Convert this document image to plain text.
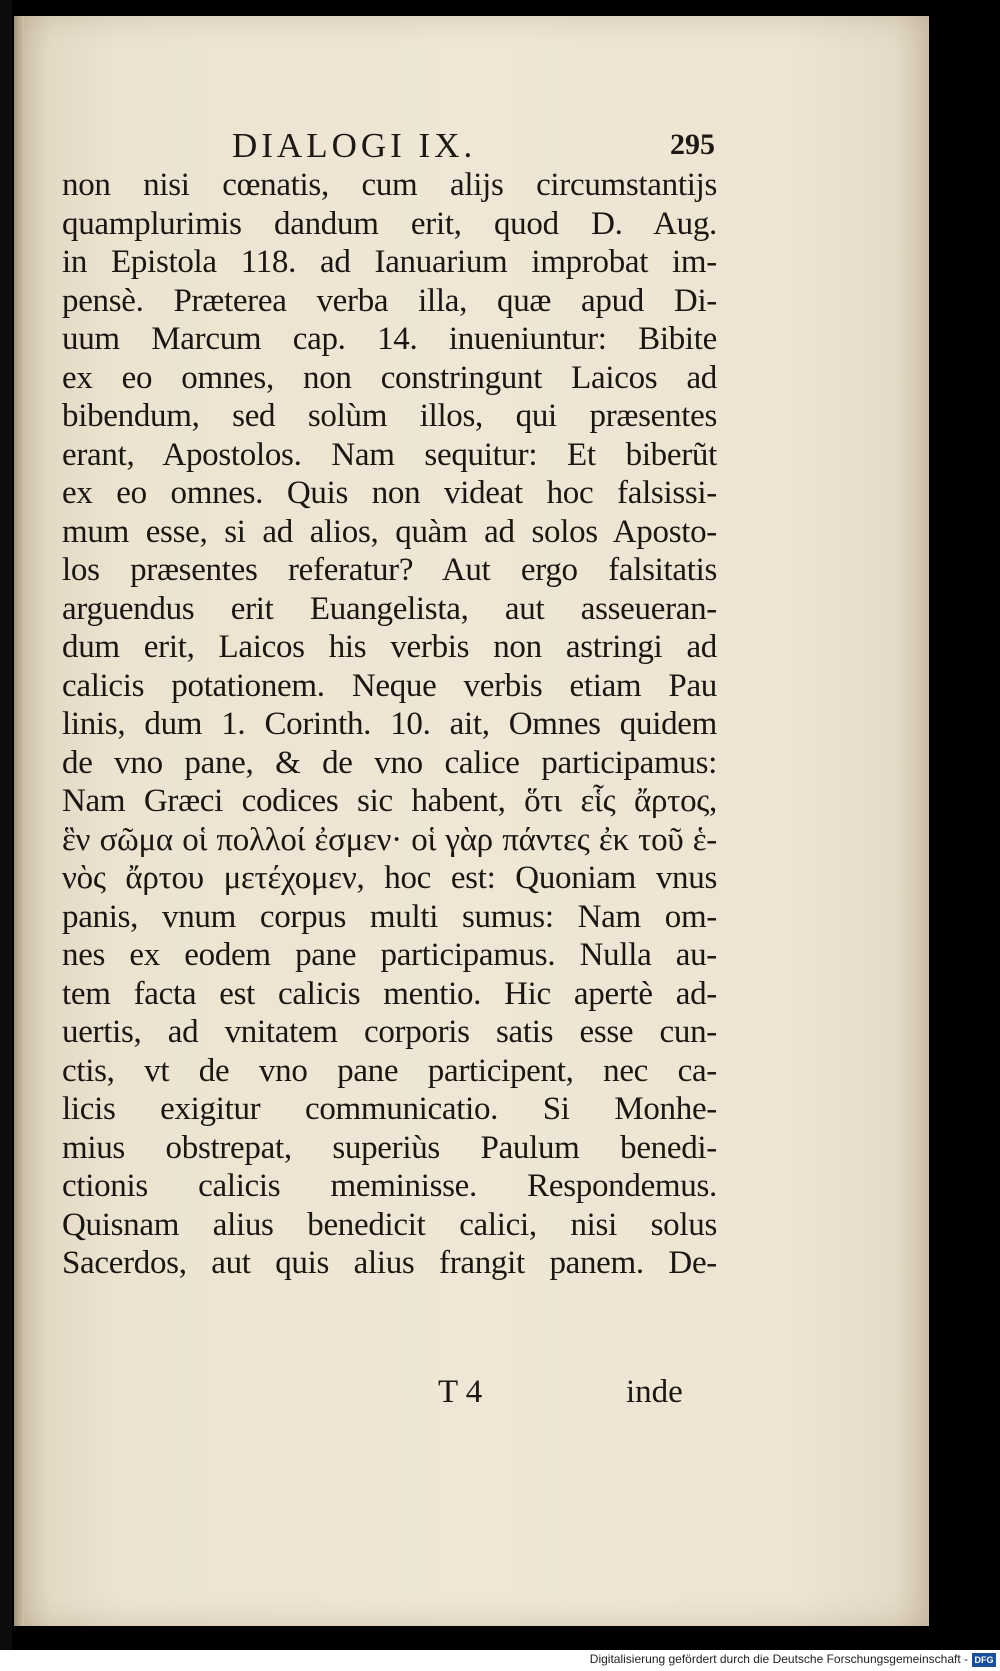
DIALOGI IX.	295
non nisi cœnatis, cum alijs circumstantijs
quamplurimis dandum erit, quod D. Aug.
in Epistola 118. ad Ianuarium improbat im-
pensè. Præterea verba illa, quæ apud Di-
uum Marcum cap. 14. inueniuntur: Bibite
ex eo omnes, non constringunt Laicos ad
bibendum, sed solùm illos, qui præsentes
erant, Apostolos. Nam sequitur: Et biberũt
ex eo omnes. Quis non videat hoc falsissi-
mum esse, si ad alios, quàm ad solos Aposto-
los præsentes referatur? Aut ergo falsitatis
arguendus erit Euangelista, aut asseueran-
dum erit, Laicos his verbis non astringi ad
calicis potationem. Neque verbis etiam Pau
linis, dum 1. Corinth. 10. ait, Omnes quidem
de vno pane, & de vno calice participamus:
Nam Græci codices sic habent, ὅτι εἷς ἄρτος,
ἓν σῶμα οἱ πολλοί ἐσμεν· οἱ γὰρ πάντες ἐκ τοῦ ἑ-
νὸς ἄρτου μετέχομεν, hoc est: Quoniam vnus
panis, vnum corpus multi sumus: Nam om-
nes ex eodem pane participamus. Nulla au-
tem facta est calicis mentio. Hic apertè ad-
uertis, ad vnitatem corporis satis esse cun-
ctis, vt de vno pane participent, nec ca-
licis exigitur communicatio. Si Monhe-
mius obstrepat, superiùs Paulum benedi-
ctionis calicis meminisse. Respondemus.
Quisnam alius benedicit calici, nisi solus
Sacerdos, aut quis alius frangit panem. De-
T 4	inde
Digitalisierung gefördert durch die Deutsche Forschungsgemeinschaft - DFG
